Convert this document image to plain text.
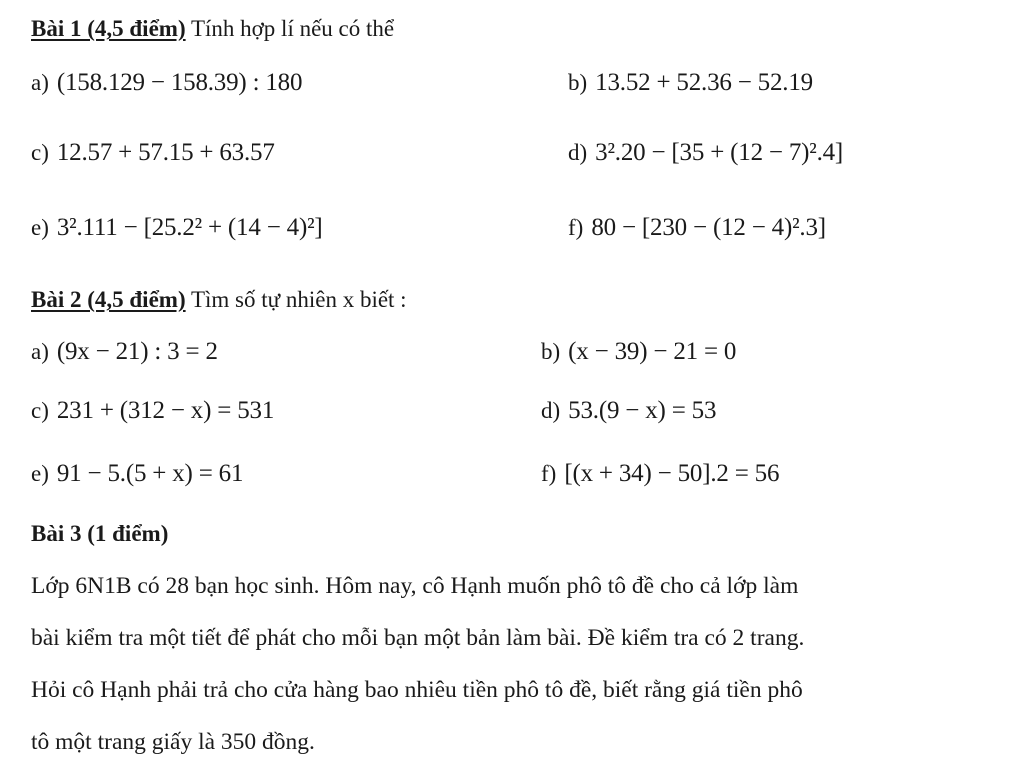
Bài 1 (4,5 điểm) Tính hợp lí nếu có thể
a) (158.129 − 158.39) : 180	b) 13.52 + 52.36 − 52.19
c) 12.57 + 57.15 + 63.57	d) 3².20 − [35 + (12 − 7)².4]
e) 3².111 − [25.2² + (14 − 4)²]	f) 80 − [230 − (12 − 4)².3]
Bài 2 (4,5 điểm) Tìm số tự nhiên x biết :
a) (9x − 21) : 3 = 2	b) (x − 39) − 21 = 0
c) 231 + (312 − x) = 531	d) 53.(9 − x) = 53
e) 91 − 5.(5 + x) = 61	f) [(x + 34) − 50].2 = 56
Bài 3 (1 điểm)
Lớp 6N1B có 28 bạn học sinh. Hôm nay, cô Hạnh muốn phô tô đề cho cả lớp làm
bài kiểm tra một tiết để phát cho mỗi bạn một bản làm bài. Đề kiểm tra có 2 trang.
Hỏi cô Hạnh phải trả cho cửa hàng bao nhiêu tiền phô tô đề, biết rằng giá tiền phô
tô một trang giấy là 350 đồng.
